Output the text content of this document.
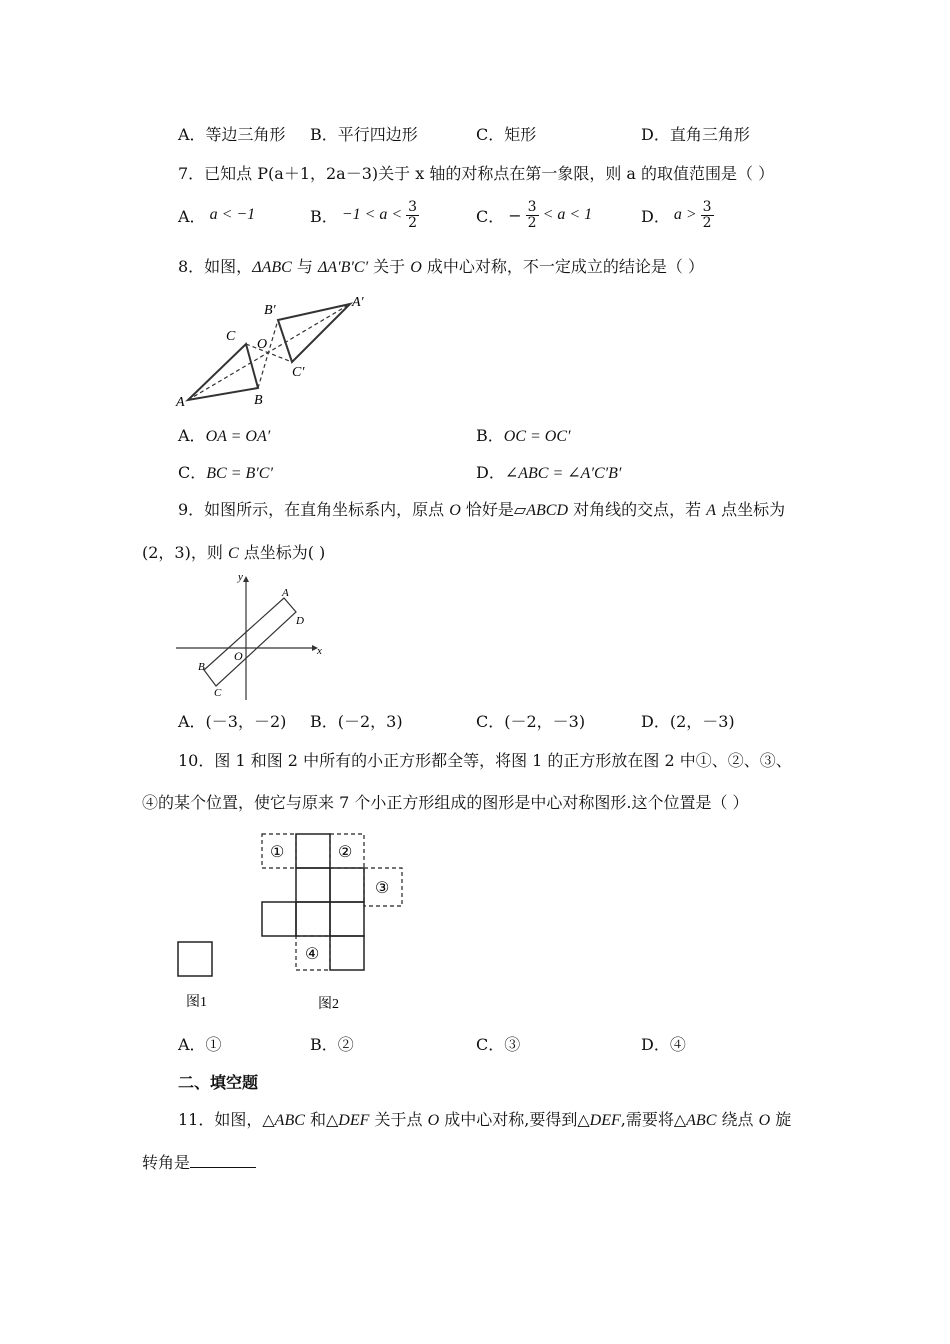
A．等边三角形 B．平行四边形	C．矩形	D．直角三角形
7．已知点 P(a＋1，2a－3)关于 x 轴的对称点在第一象限，则 a 的取值范围是（ ）
A． a < −1	B． $-1 < a < \frac{3}{2}$	C． − $\frac{3}{2} < a < 1$	D． $a > \frac{3}{2}$
8．如图，ΔABC 与 ΔA′B′C′ 关于 O 成中心对称，不一定成立的结论是（ ）
A	B
C
O
A′
B′
C′
A．OA = OA′	B．OC = OC′
C．BC = B′C′	D．∠ABC = ∠A′C′B′
9．如图所示，在直角坐标系内，原点 O 恰好是▱ABCD 对角线的交点，若 A 点坐标为
(2，3)，则 C 点坐标为( )
x
y
O
A
D
B
C
A．(－3，－2) B．(－2，3)	C．(－2，－3)	D．(2，－3)
10．图 1 和图 2 中所有的小正方形都全等，将图 1 的正方形放在图 2 中①、②、③、
④的某个位置，使它与原来 7 个小正方形组成的图形是中心对称图形.这个位置是（ ）
①	②
③
④
图1	图2
A．①	B．②	C．③	D．④
二、填空题
11．如图，△ABC 和△DEF 关于点 O 成中心对称,要得到△DEF,需要将△ABC 绕点 O 旋
转角是
